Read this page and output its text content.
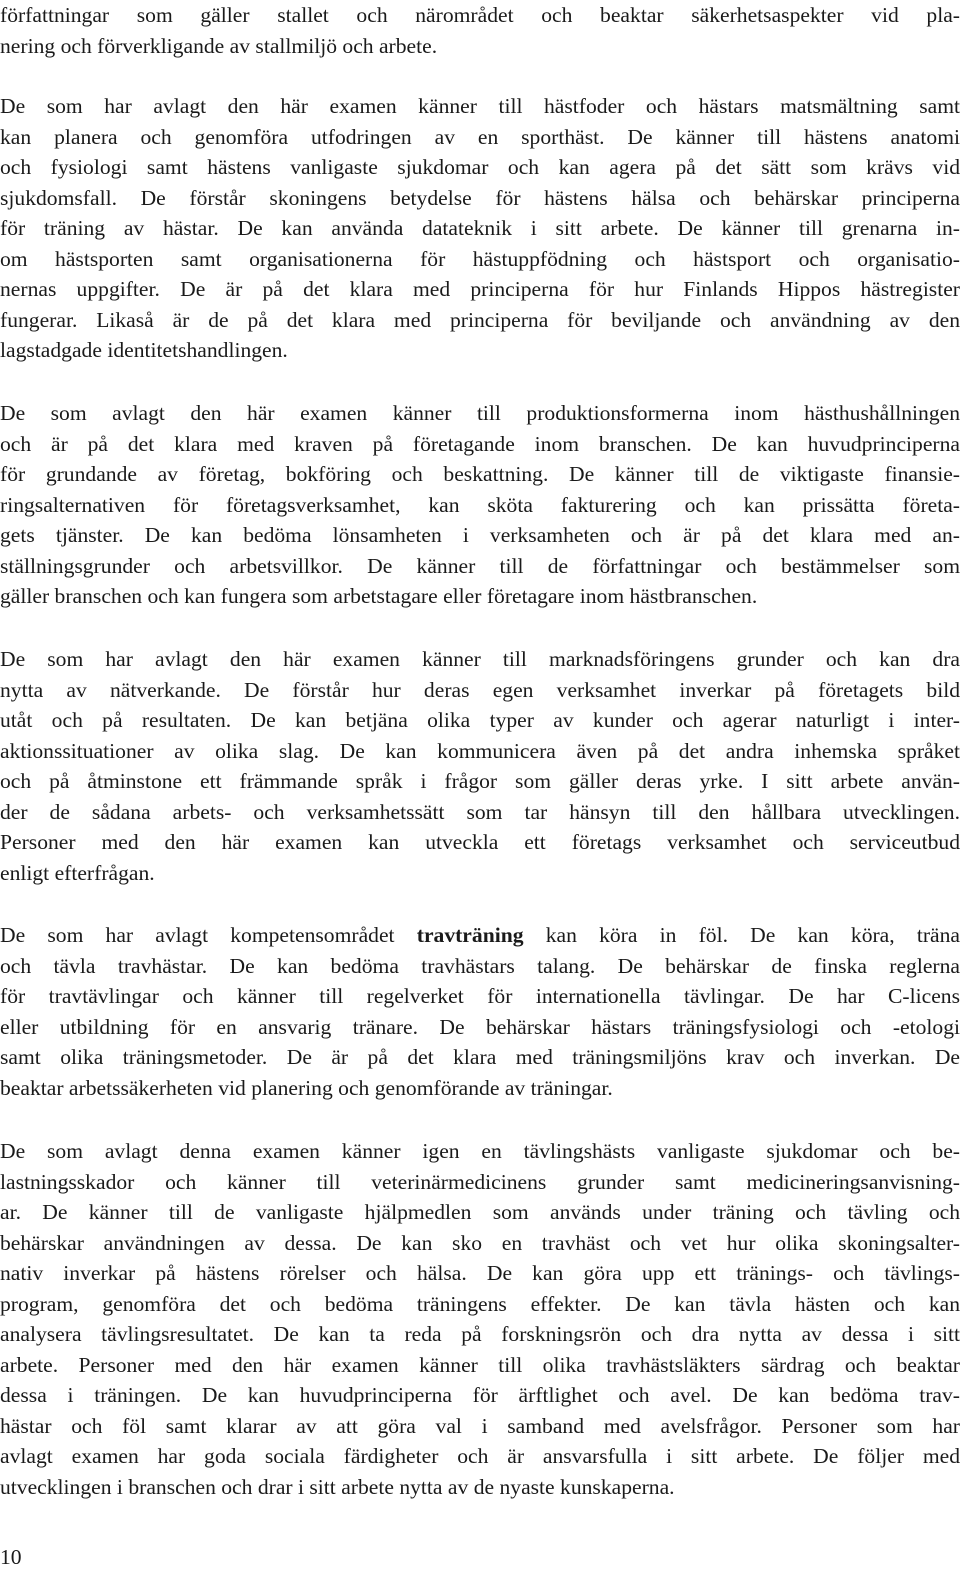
författningar som gäller stallet och närområdet och beaktar säkerhetsaspekter vid pla-
nering och förverkligande av stallmiljö och arbete.

De som har avlagt den här examen känner till hästfoder och hästars matsmältning samt
kan planera och genomföra utfodringen av en sporthäst. De känner till hästens anatomi
och fysiologi samt hästens vanligaste sjukdomar och kan agera på det sätt som krävs vid
sjukdomsfall. De förstår skoningens betydelse för hästens hälsa och behärskar principerna
för träning av hästar. De kan använda datateknik i sitt arbete. De känner till grenarna in-
om hästsporten samt organisationerna för hästuppfödning och hästsport och organisatio-
nernas uppgifter. De är på det klara med principerna för hur Finlands Hippos hästregister
fungerar. Likaså är de på det klara med principerna för beviljande och användning av den
lagstadgade identitetshandlingen.

De som avlagt den här examen känner till produktionsformerna inom hästhushållningen
och är på det klara med kraven på företagande inom branschen. De kan huvudprinciperna
för grundande av företag, bokföring och beskattning. De känner till de viktigaste finansie-
ringsalternativen för företagsverksamhet, kan sköta fakturering och kan prissätta företa-
gets tjänster. De kan bedöma lönsamheten i verksamheten och är på det klara med an-
ställningsgrunder och arbetsvillkor. De känner till de författningar och bestämmelser som
gäller branschen och kan fungera som arbetstagare eller företagare inom hästbranschen.

De som har avlagt den här examen känner till marknadsföringens grunder och kan dra
nytta av nätverkande. De förstår hur deras egen verksamhet inverkar på företagets bild
utåt och på resultaten. De kan betjäna olika typer av kunder och agerar naturligt i inter-
aktionssituationer av olika slag. De kan kommunicera även på det andra inhemska språket
och på åtminstone ett främmande språk i frågor som gäller deras yrke. I sitt arbete använ-
der de sådana arbets- och verksamhetssätt som tar hänsyn till den hållbara utvecklingen.
Personer med den här examen kan utveckla ett företags verksamhet och serviceutbud
enligt efterfrågan.

De som har avlagt kompetensområdet travträning kan köra in föl. De kan köra, träna
och tävla travhästar. De kan bedöma travhästars talang. De behärskar de finska reglerna
för travtävlingar och känner till regelverket för internationella tävlingar. De har C-licens
eller utbildning för en ansvarig tränare. De behärskar hästars träningsfysiologi och -etologi
samt olika träningsmetoder. De är på det klara med träningsmiljöns krav och inverkan. De
beaktar arbetssäkerheten vid planering och genomförande av träningar.

De som avlagt denna examen känner igen en tävlingshästs vanligaste sjukdomar och be-
lastningsskador och känner till veterinärmedicinens grunder samt medicineringsanvisning-
ar. De känner till de vanligaste hjälpmedlen som används under träning och tävling och
behärskar användningen av dessa. De kan sko en travhäst och vet hur olika skoningsalter-
nativ inverkar på hästens rörelser och hälsa. De kan göra upp ett tränings- och tävlings-
program, genomföra det och bedöma träningens effekter. De kan tävla hästen och kan
analysera tävlingsresultatet. De kan ta reda på forskningsrön och dra nytta av dessa i sitt
arbete. Personer med den här examen känner till olika travhästsläkters särdrag och beaktar
dessa i träningen. De kan huvudprinciperna för ärftlighet och avel. De kan bedöma trav-
hästar och föl samt klarar av att göra val i samband med avelsfrågor. Personer som har
avlagt examen har goda sociala färdigheter och är ansvarsfulla i sitt arbete. De följer med
utvecklingen i branschen och drar i sitt arbete nytta av de nyaste kunskaperna.

10
